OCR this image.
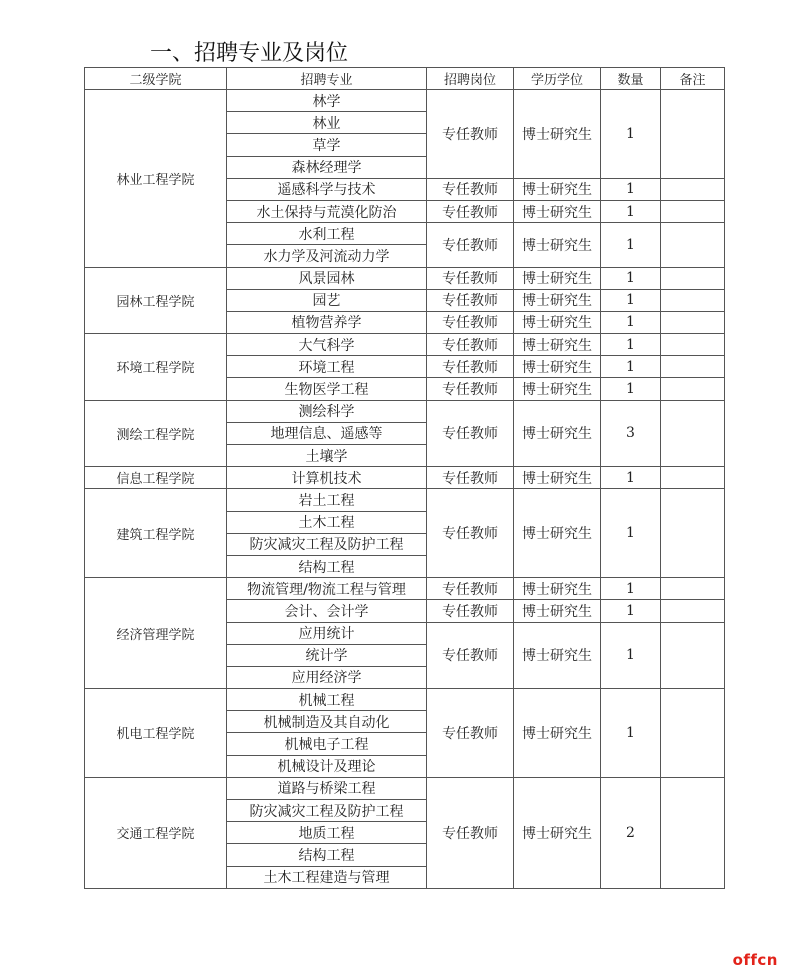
一、招聘专业及岗位
二级学院	招聘专业	招聘岗位	学历学位	数量	备注
林业工程学院	林学	专任教师	博士研究生	1	
	林业				
	草学				
	森林经理学				
	遥感科学与技术	专任教师	博士研究生	1	
	水土保持与荒漠化防治	专任教师	博士研究生	1	
	水利工程	专任教师	博士研究生	1	
	水力学及河流动力学				
园林工程学院	风景园林	专任教师	博士研究生	1	
	园艺	专任教师	博士研究生	1	
	植物营养学	专任教师	博士研究生	1	
环境工程学院	大气科学	专任教师	博士研究生	1	
	环境工程	专任教师	博士研究生	1	
	生物医学工程	专任教师	博士研究生	1	
测绘工程学院	测绘科学	专任教师	博士研究生	3	
	地理信息、遥感等				
	土壤学				
信息工程学院	计算机技术	专任教师	博士研究生	1	
建筑工程学院	岩土工程	专任教师	博士研究生	1	
	土木工程				
	防灾减灾工程及防护工程				
	结构工程				
经济管理学院	物流管理/物流工程与管理	专任教师	博士研究生	1	
	会计、会计学	专任教师	博士研究生	1	
	应用统计	专任教师	博士研究生	1	
	统计学				
	应用经济学				
机电工程学院	机械工程	专任教师	博士研究生	1	
	机械制造及其自动化				
	机械电子工程				
	机械设计及理论				
交通工程学院	道路与桥梁工程	专任教师	博士研究生	2	
	防灾减灾工程及防护工程				
	地质工程				
	结构工程				
	土木工程建造与管理				
offcn
